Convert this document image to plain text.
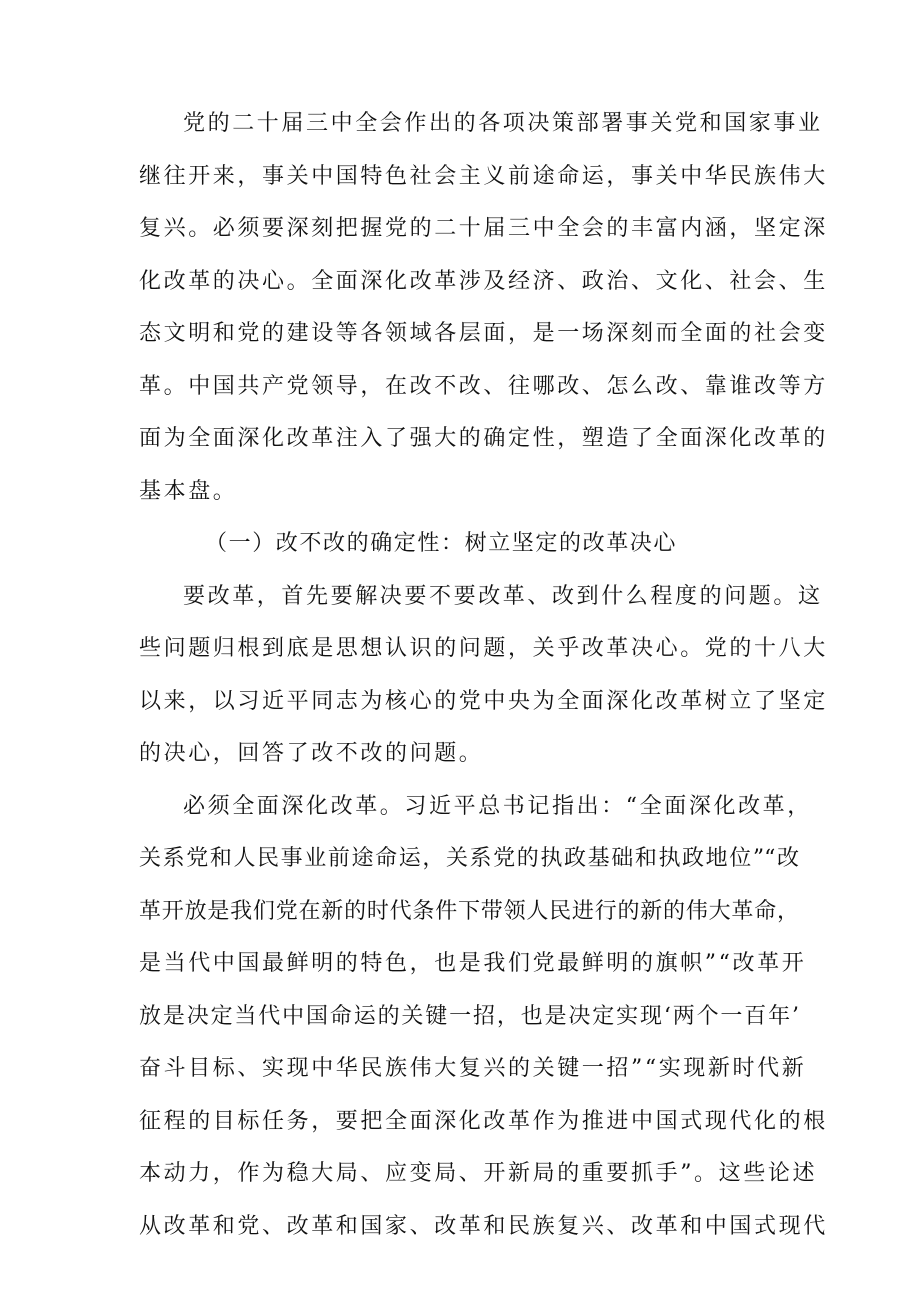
党的二十届三中全会作出的各项决策部署事关党和国家事业
继往开来，事关中国特色社会主义前途命运，事关中华民族伟大
复兴。必须要深刻把握党的二十届三中全会的丰富内涵，坚定深
化改革的决心。全面深化改革涉及经济、政治、文化、社会、生
态文明和党的建设等各领域各层面，是一场深刻而全面的社会变
革。中国共产党领导，在改不改、往哪改、怎么改、靠谁改等方
面为全面深化改革注入了强大的确定性，塑造了全面深化改革的
基本盘。
（一）改不改的确定性：树立坚定的改革决心
要改革，首先要解决要不要改革、改到什么程度的问题。这
些问题归根到底是思想认识的问题，关乎改革决心。党的十八大
以来，以习近平同志为核心的党中央为全面深化改革树立了坚定
的决心，回答了改不改的问题。
必须全面深化改革。习近平总书记指出：“全面深化改革，
关系党和人民事业前途命运，关系党的执政基础和执政地位”“改
革开放是我们党在新的时代条件下带领人民进行的新的伟大革命，
是当代中国最鲜明的特色，也是我们党最鲜明的旗帜”“改革开
放是决定当代中国命运的关键一招，也是决定实现‘两个一百年’
奋斗目标、实现中华民族伟大复兴的关键一招”“实现新时代新
征程的目标任务，要把全面深化改革作为推进中国式现代化的根
本动力，作为稳大局、应变局、开新局的重要抓手”。这些论述
从改革和党、改革和国家、改革和民族复兴、改革和中国式现代
